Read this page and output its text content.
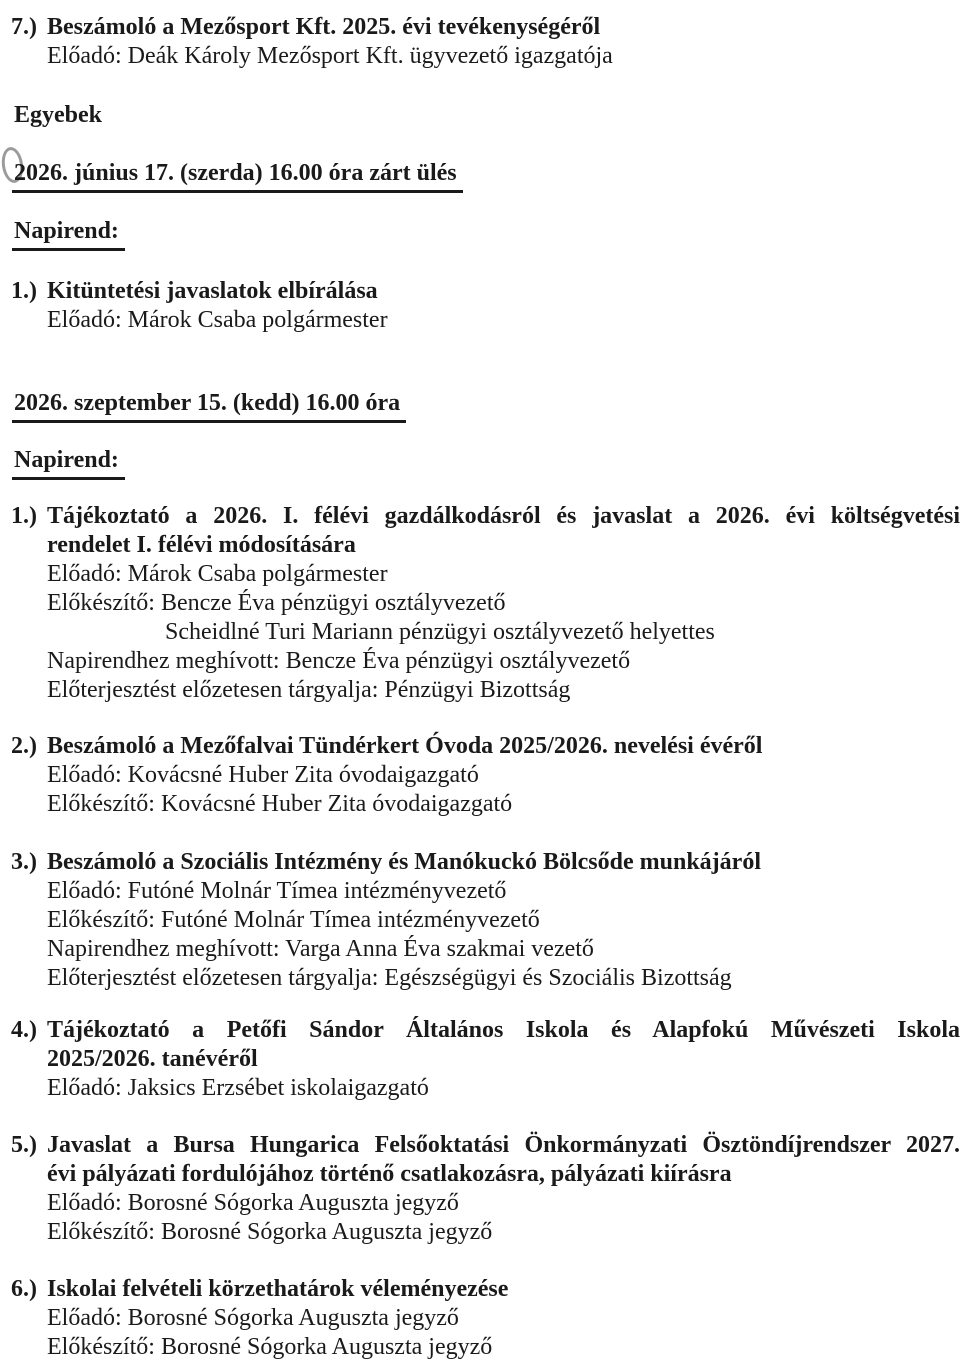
7.) Beszámoló a Mezősport Kft. 2025. évi tevékenységéről
Előadó: Deák Károly Mezősport Kft. ügyvezető igazgatója
Egyebek
2026. június 17. (szerda) 16.00 óra zárt ülés
Napirend:
1.) Kitüntetési javaslatok elbírálása
Előadó: Márok Csaba polgármester
2026. szeptember 15. (kedd) 16.00 óra
Napirend:
1.) Tájékoztató a 2026. I. félévi gazdálkodásról és javaslat a 2026. évi költségvetési
rendelet I. félévi módosítására
Előadó: Márok Csaba polgármester
Előkészítő: Bencze Éva pénzügyi osztályvezető
Scheidlné Turi Mariann pénzügyi osztályvezető helyettes
Napirendhez meghívott: Bencze Éva pénzügyi osztályvezető
Előterjesztést előzetesen tárgyalja: Pénzügyi Bizottság
2.) Beszámoló a Mezőfalvai Tündérkert Óvoda 2025/2026. nevelési évéről
Előadó: Kovácsné Huber Zita óvodaigazgató
Előkészítő: Kovácsné Huber Zita óvodaigazgató
3.) Beszámoló a Szociális Intézmény és Manókuckó Bölcsőde munkájáról
Előadó: Futóné Molnár Tímea intézményvezető
Előkészítő: Futóné Molnár Tímea intézményvezető
Napirendhez meghívott: Varga Anna Éva szakmai vezető
Előterjesztést előzetesen tárgyalja: Egészségügyi és Szociális Bizottság
4.) Tájékoztató a Petőfi Sándor Általános Iskola és Alapfokú Művészeti Iskola
2025/2026. tanévéről
Előadó: Jaksics Erzsébet iskolaigazgató
5.) Javaslat a Bursa Hungarica Felsőoktatási Önkormányzati Ösztöndíjrendszer 2027.
évi pályázati fordulójához történő csatlakozásra, pályázati kiírásra
Előadó: Borosné Sógorka Auguszta jegyző
Előkészítő: Borosné Sógorka Auguszta jegyző
6.) Iskolai felvételi körzethatárok véleményezése
Előadó: Borosné Sógorka Auguszta jegyző
Előkészítő: Borosné Sógorka Auguszta jegyző
